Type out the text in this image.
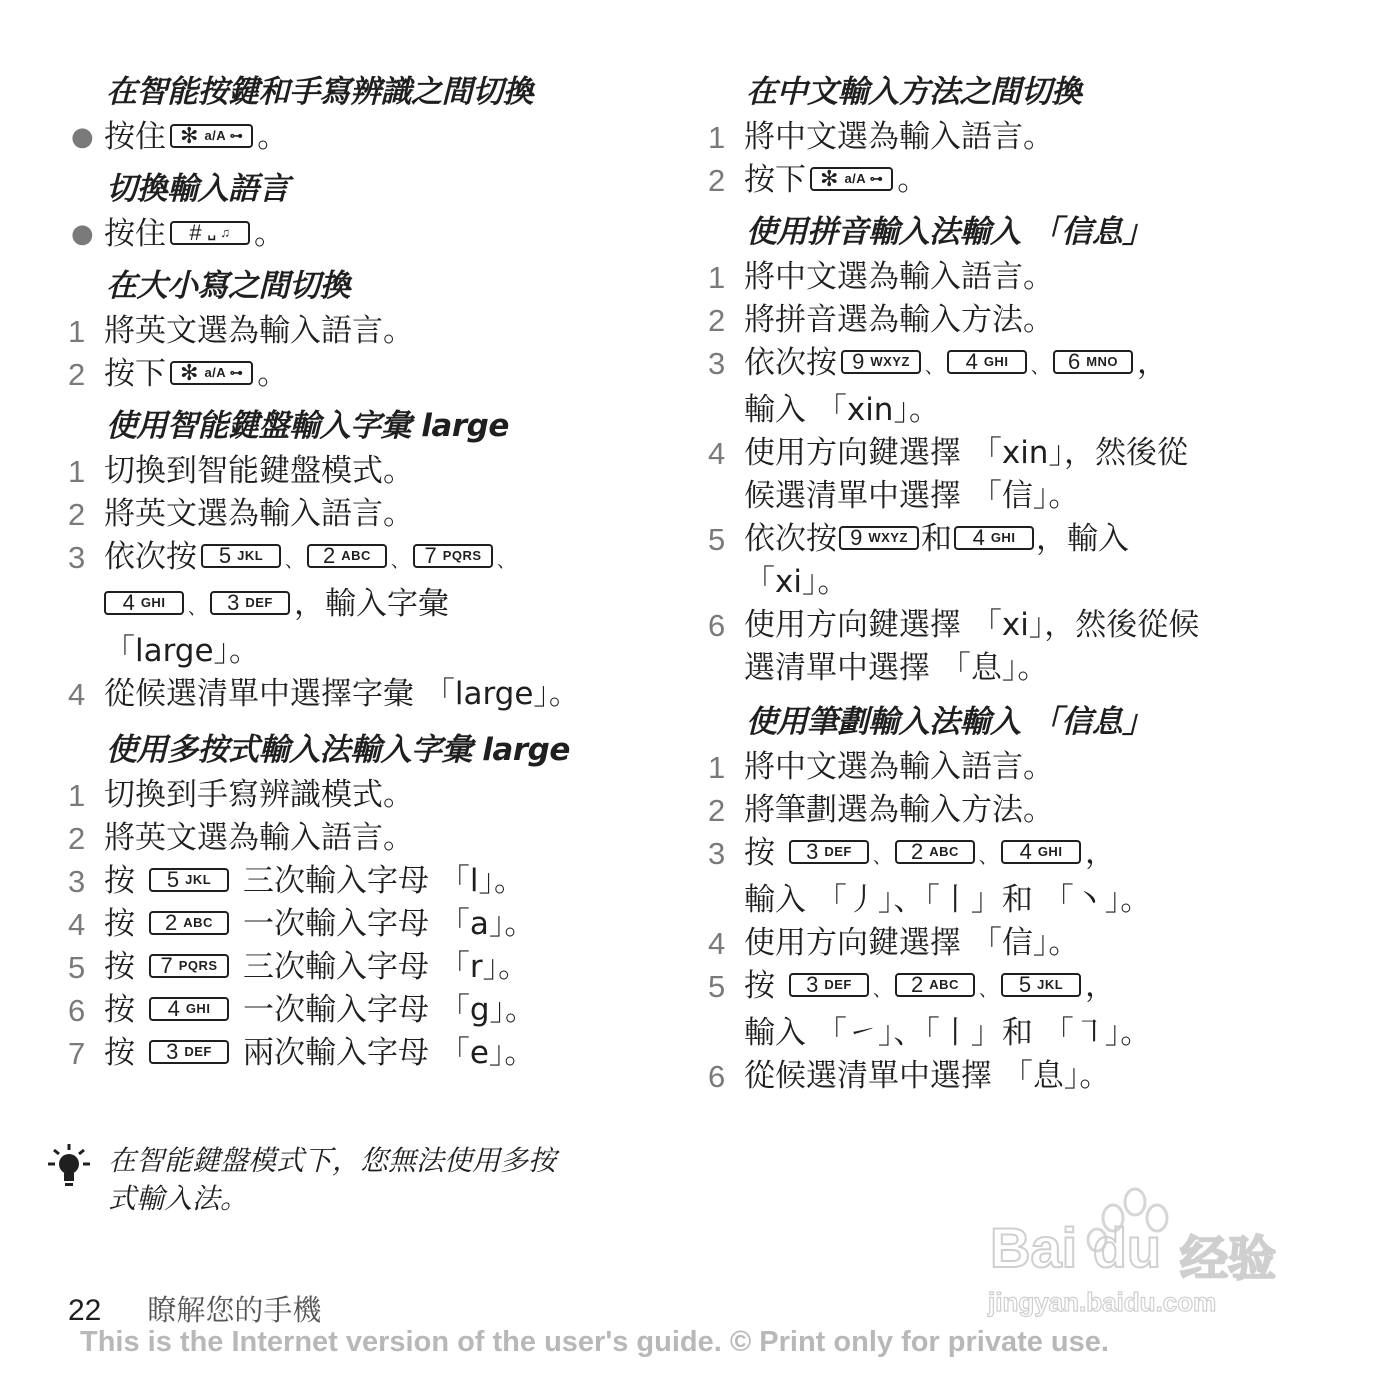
在智能按鍵和手寫辨識之間切換
● 按住 ✻ a/A ⊶ 。
切換輸入語言
● 按住 # ␣ ♫ 。
在大小寫之間切換
1 將英文選為輸入語言。
2 按下 ✻ a/A ⊶ 。
使用智能鍵盤輸入字彙 large
1 切換到智能鍵盤模式。
2 將英文選為輸入語言。
3 依次按 5 JKL 、 2 ABC 、 7 PQRS 、
4 GHI 、 3 DEF ，輸入字彙
「large」。
4 從候選清單中選擇字彙 「large」。
使用多按式輸入法輸入字彙 large
1 切換到手寫辨識模式。
2 將英文選為輸入語言。
3 按 5 JKL 三次輸入字母 「l」。
4 按 2 ABC 一次輸入字母 「a」。
5 按 7 PQRS 三次輸入字母 「r」。
6 按 4 GHI 一次輸入字母 「g」。
7 按 3 DEF 兩次輸入字母 「e」。
在智能鍵盤模式下，您無法使用多按
式輸入法。
在中文輸入方法之間切換
1 將中文選為輸入語言。
2 按下 ✻ a/A ⊶ 。
使用拼音輸入法輸入 「信息」
1 將中文選為輸入語言。
2 將拼音選為輸入方法。
3 依次按 9 WXYZ 、 4 GHI 、 6 MNO ，
輸入 「xin」。
4 使用方向鍵選擇 「xin」，然後從
候選清單中選擇 「信」。
5 依次按 9 WXYZ 和 4 GHI ，輸入
「xi」。
6 使用方向鍵選擇 「xi」，然後從候
選清單中選擇 「息」。
使用筆劃輸入法輸入 「信息」
1 將中文選為輸入語言。
2 將筆劃選為輸入方法。
3 按 3 DEF 、 2 ABC 、 4 GHI ，
輸入 「丿」、「丨」和 「丶」。
4 使用方向鍵選擇 「信」。
5 按 3 DEF 、 2 ABC 、 5 JKL ，
輸入 「㇀」、「丨」和 「㇕」。
6 從候選清單中選擇 「息」。
Bai du 经验
jingyan.baidu.com
22 瞭解您的手機
This is the Internet version of the user's guide. © Print only for private use.
